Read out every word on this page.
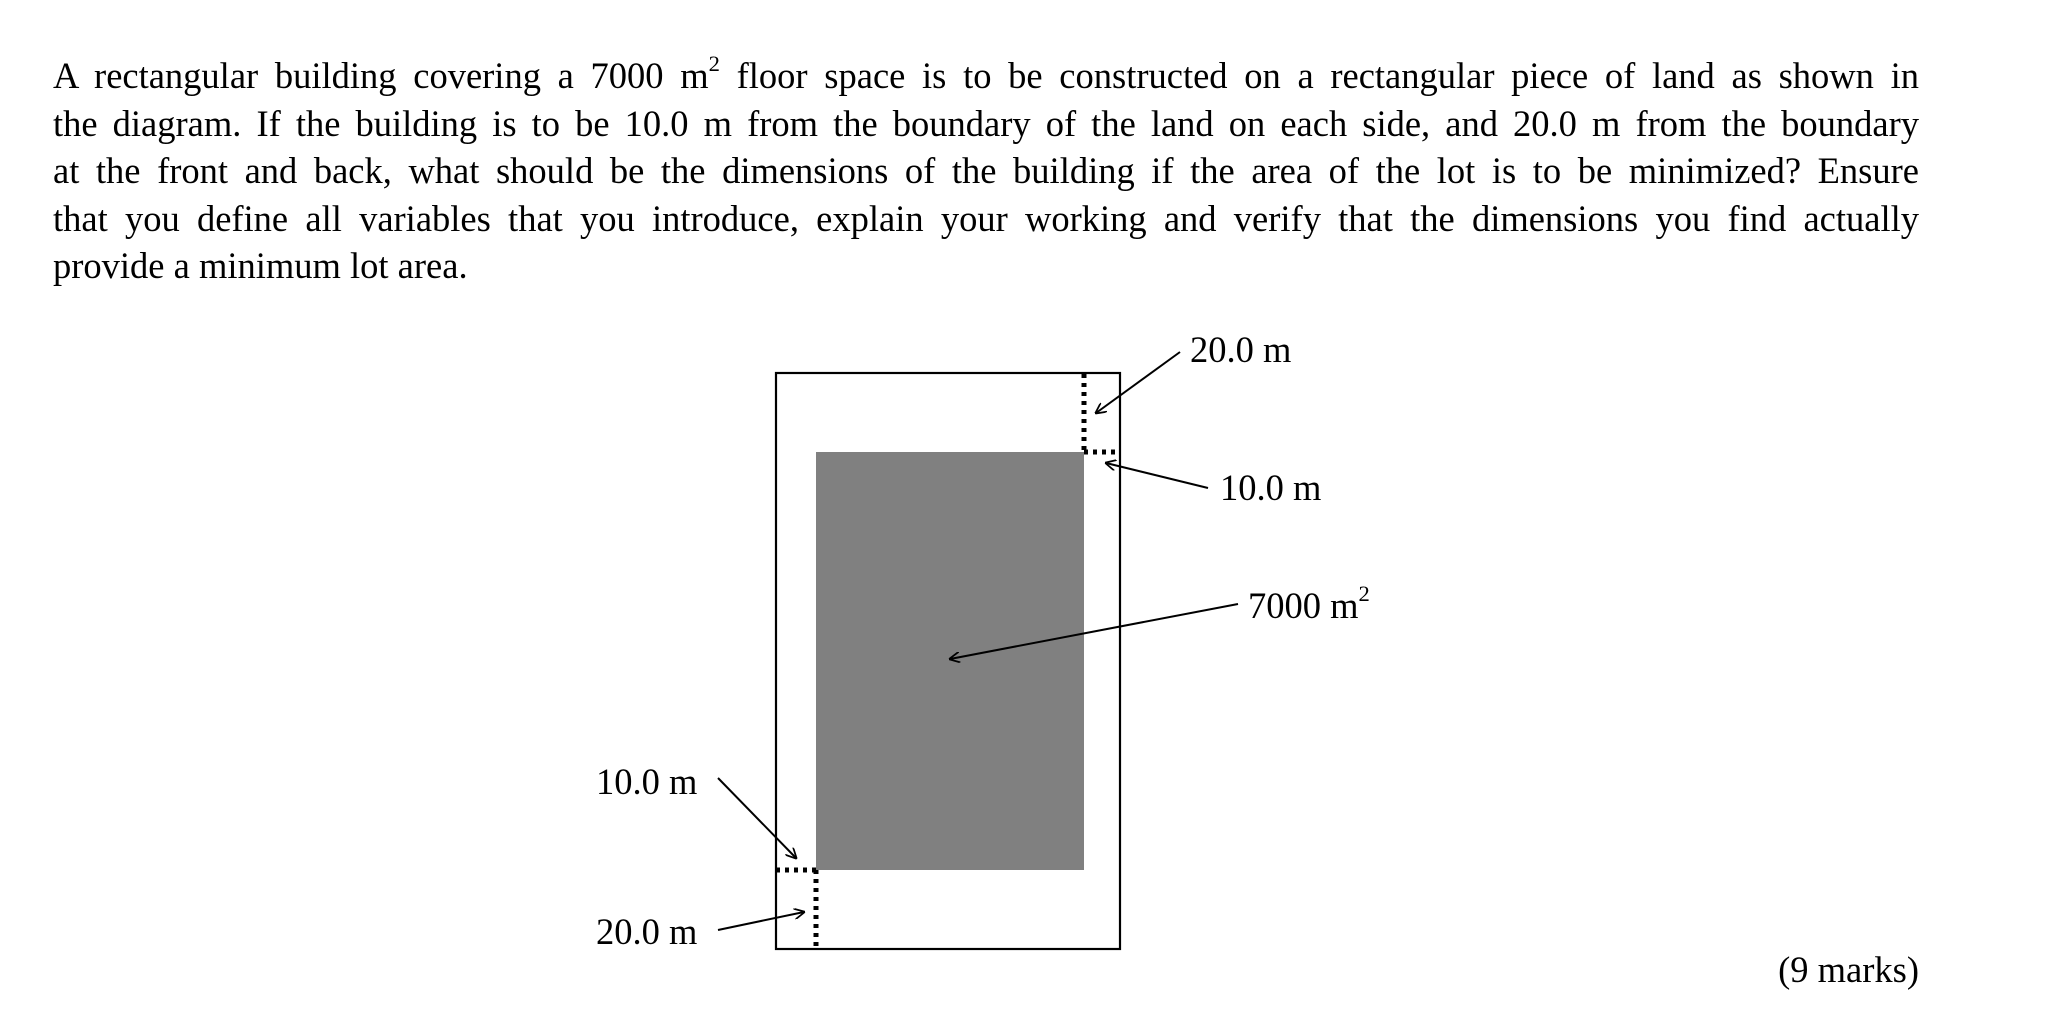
A rectangular building covering a 7000 $m^2$ floor space is to be constructed on a rectangular piece of land as shown in
the diagram. If the building is to be 10.0 m from the boundary of the land on each side, and 20.0 m from the boundary
at the front and back, what should be the dimensions of the building if the area of the lot is to be minimized? Ensure
that you define all variables that you introduce, explain your working and verify that the dimensions you find actually
provide a minimum lot area.
20.0 m
10.0 m
7000 $m^2$
10.0 m
20.0 m
(9 marks)
